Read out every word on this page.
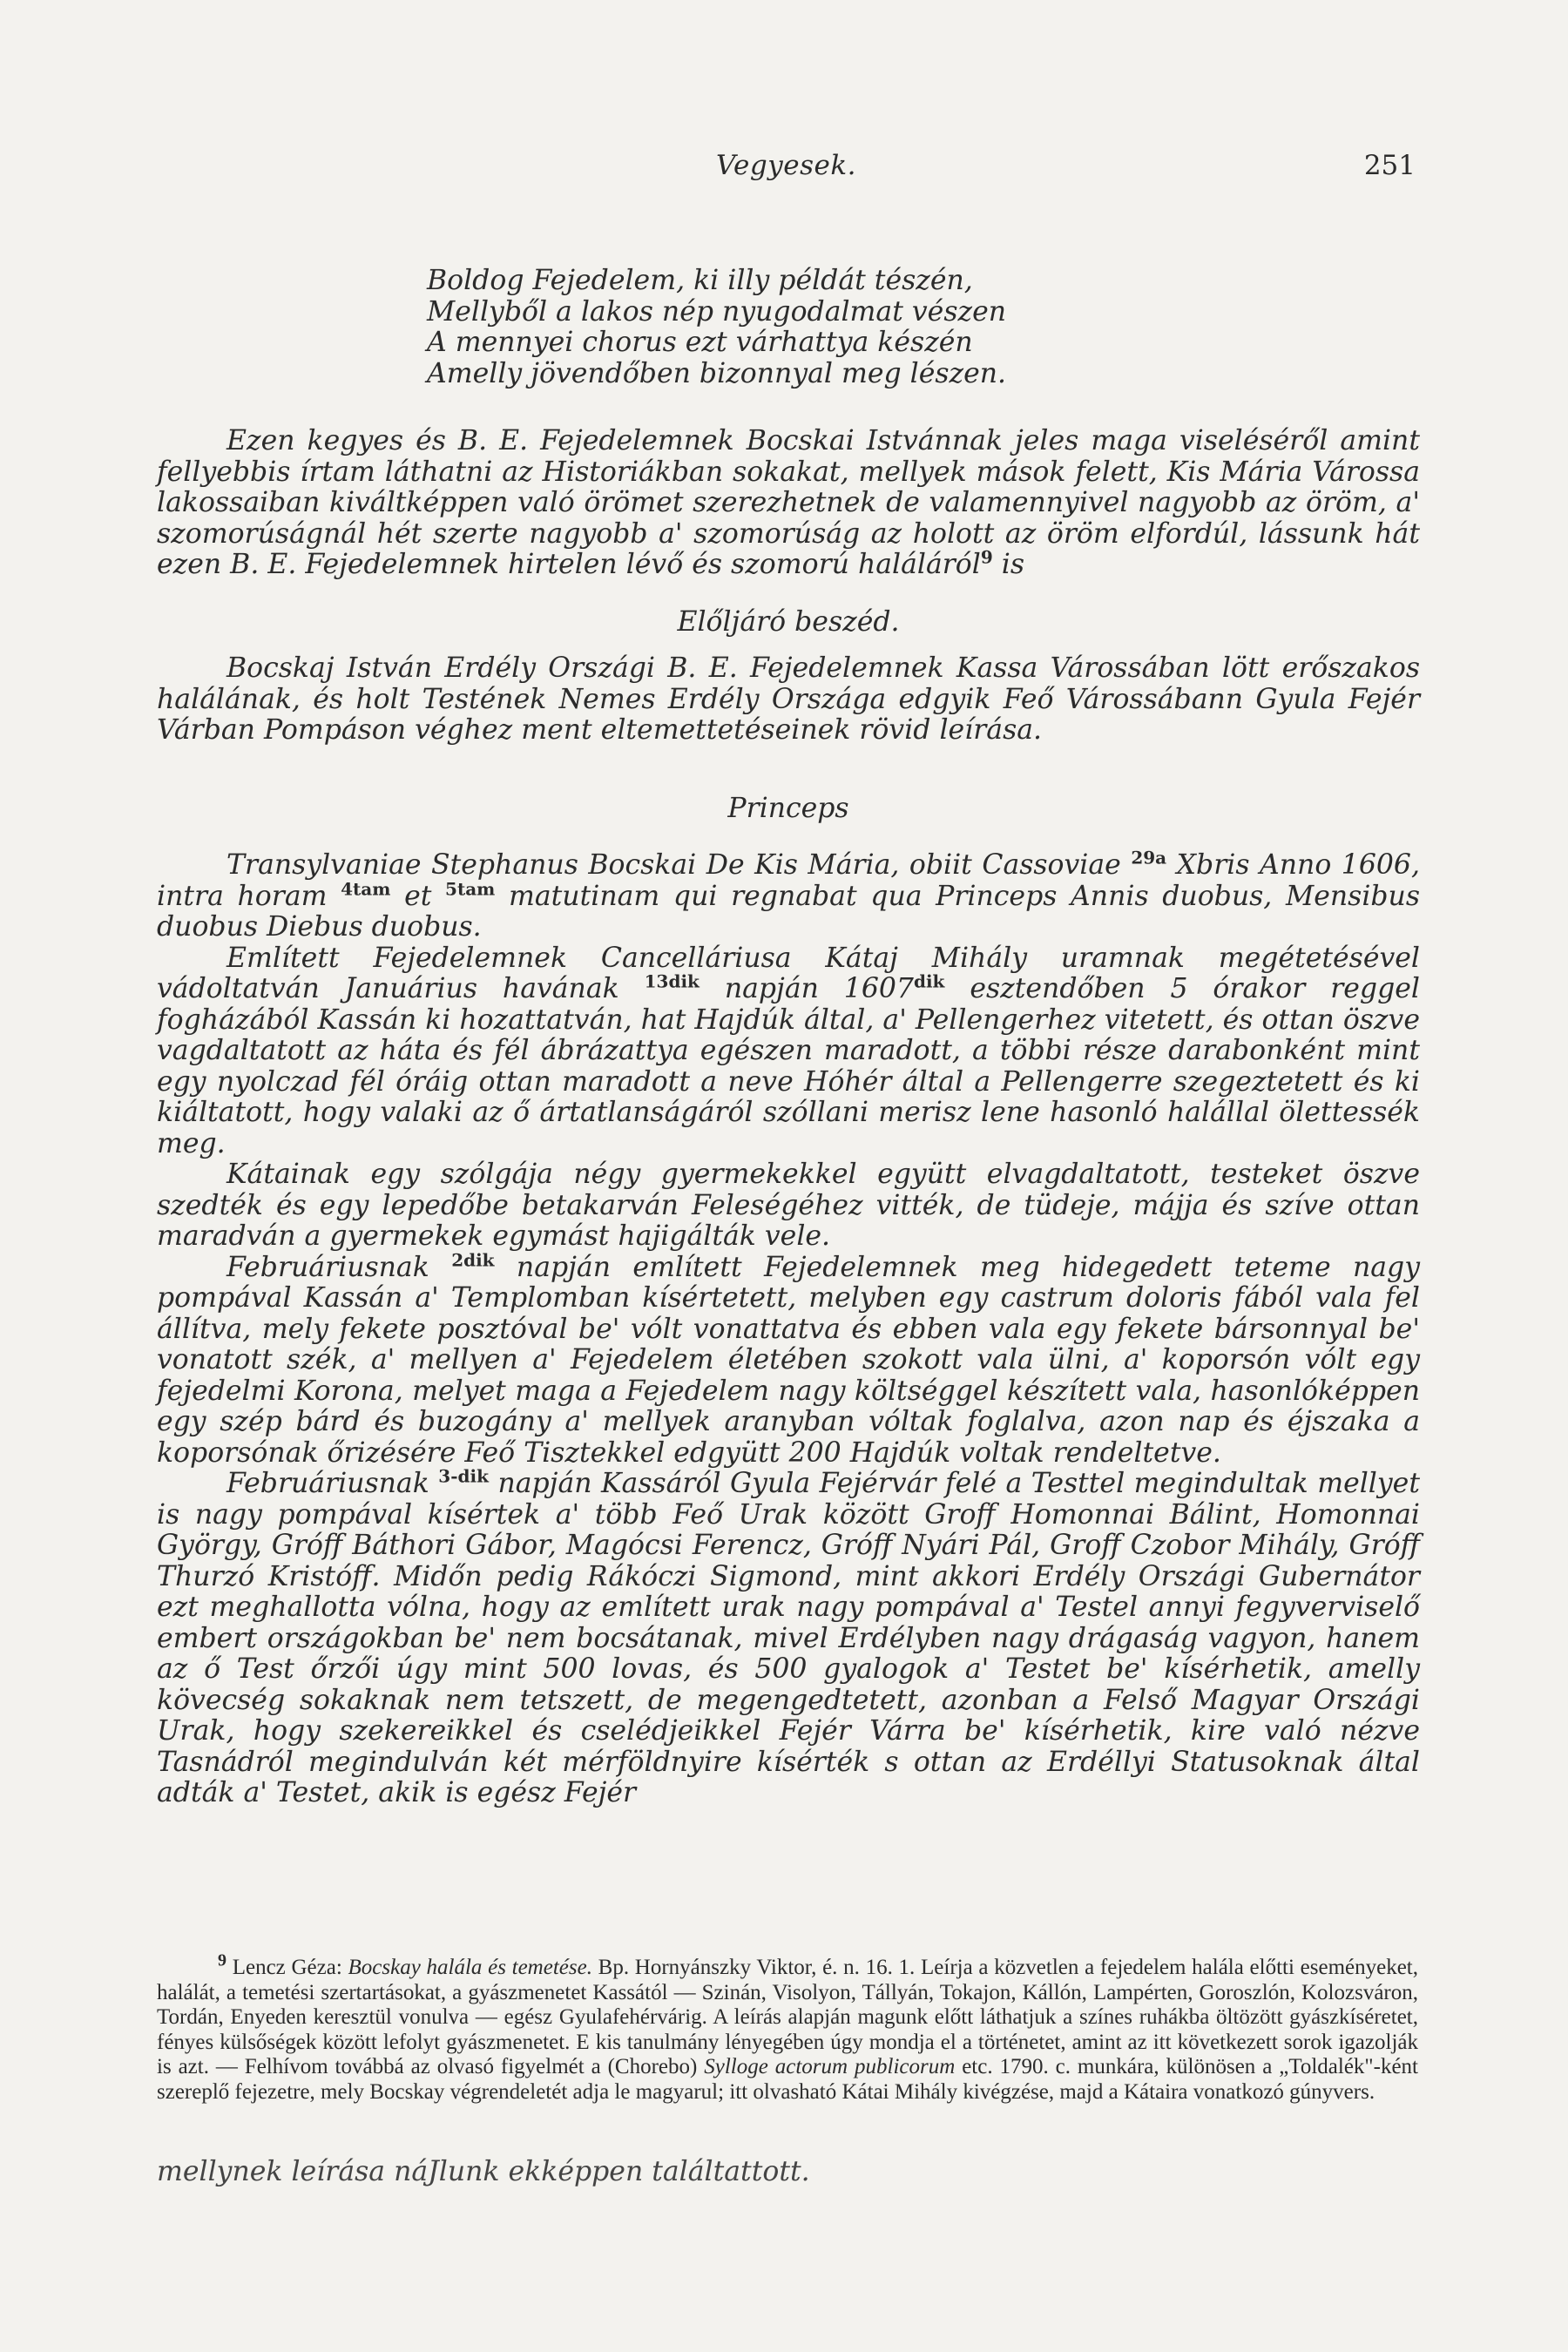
Vegyesek.	251
Boldog Fejedelem, ki illy példát tészén,
Mellyből a lakos nép nyugodalmat vészen
A mennyei chorus ezt várhattya készén
Amelly jövendőben bizonnyal meg lészen.

Ezen kegyes és B. E. Fejedelemnek Bocskai Istvánnak jeles maga viseléséről amint fellyebbis írtam láthatni az Historiákban sokakat, mellyek mások felett, Kis Mária Várossa lakossaiban kiváltképpen való örömet szerezhetnek de valamennyivel nagyobb az öröm, a' szomorúságnál hét szerte nagyobb a' szomorúság az holott az öröm elfordúl, lássunk hát ezen B. E. Fejedelemnek hirtelen lévő és szomorú haláláról$^9$ is

Előljáró beszéd.

Bocskaj István Erdély Országi B. E. Fejedelemnek Kassa Várossában lött erőszakos halálának, és holt Testének Nemes Erdély Országa edgyik Feő Várossábann Gyula Fejér Várban Pompáson véghez ment eltemettetéseinek rövid leírása.

Princeps

Transylvaniae Stephanus Bocskai De Kis Mária, obiit Cassoviae $^{29a}$ Xbris Anno 1606, intra horam $^{4tam}$ et $^{5tam}$ matutinam qui regnabat qua Princeps Annis duobus, Mensibus duobus Diebus duobus.

Említett Fejedelemnek Cancelláriusa Kátaj Mihály uramnak megétetésével vádoltatván Januárius havának $^{13dik}$ napján $1607^{dik}$ esztendőben 5 órakor reggel fogházából Kassán ki hozattatván, hat Hajdúk által, a' Pellengerhez vitetett, és ottan öszve vagdaltatott az háta és fél ábrázattya egészen maradott, a többi része darabonként mint egy nyolczad fél óráig ottan maradott a neve Hóhér által a Pellengerre szegeztetett és ki kiáltatott, hogy valaki az ő ártatlanságáról szóllani merisz lene hasonló halállal ölettessék meg.

Kátainak egy szólgája négy gyermekekkel együtt elvagdaltatott, testeket öszve szedték és egy lepedőbe betakarván Feleségéhez vitték, de tüdeje, májja és szíve ottan maradván a gyermekek egymást hajigálták vele.

Februáriusnak $^{2dik}$ napján említett Fejedelemnek meg hidegedett teteme nagy pompával Kassán a' Templomban kísértetett, melyben egy castrum doloris fából vala fel állítva, mely fekete posztóval be' vólt vonattatva és ebben vala egy fekete bársonnyal be' vonatott szék, a' mellyen a' Fejedelem életében szokott vala ülni, a' koporsón vólt egy fejedelmi Korona, melyet maga a Fejedelem nagy költséggel készített vala, hasonlóképpen egy szép bárd és buzogány a' mellyek aranyban vóltak foglalva, azon nap és éjszaka a koporsónak őrizésére Feő Tisztekkel edgyütt 200 Hajdúk voltak rendeltetve.

Februáriusnak $^{3-dik}$ napján Kassáról Gyula Fejérvár felé a Testtel megindultak mellyet is nagy pompával kísértek a' több Feő Urak között Groff Homonnai Bálint, Homonnai György, Gróff Báthori Gábor, Magócsi Ferencz, Gróff Nyári Pál, Groff Czobor Mihály, Gróff Thurzó Kristóff. Midőn pedig Rákóczi Sigmond, mint akkori Erdély Országi Gubernátor ezt meghallotta vólna, hogy az említett urak nagy pompával a' Testel annyi fegyverviselő embert országokban be' nem bocsátanak, mivel Erdélyben nagy drágaság vagyon, hanem az ő Test őrzői úgy mint 500 lovas, és 500 gyalogok a' Testet be' kísérhetik, amelly kövecség sokaknak nem tetszett, de megengedtetett, azonban a Felső Magyar Országi Urak, hogy szekereikkel és cselédjeikkel Fejér Várra be' kísérhetik, kire való nézve Tasnádról megindulván két mérföldnyire kísérték s ottan az Erdéllyi Statusoknak által adták a' Testet, akik is egész Fejér

$^9$ Lencz Géza: Bocskay halála és temetése. Bp. Hornyánszky Viktor, é. n. 16. 1. Leírja a közvetlen a fejedelem halála előtti eseményeket, halálát, a temetési szertartásokat, a gyászmenetet Kassától — Szinán, Visolyon, Tállyán, Tokajon, Kállón, Lampérten, Goroszlón, Kolozsváron, Tordán, Enyeden keresztül vonulva — egész Gyulafehérvárig. A leírás alapján magunk előtt láthatjuk a színes ruhákba öltözött gyászkíséretet, fényes külsőségek között lefolyt gyászmenetet. E kis tanulmány lényegében úgy mondja el a történetet, amint az itt következett sorok igazolják is azt. — Felhívom továbbá az olvasó figyelmét a (Chorebo) Sylloge actorum publicorum etc. 1790. c. munkára, különösen a „Toldalék"-ként szereplő fejezetre, mely Bocskay végrendeletét adja le magyarul; itt olvasható Kátai Mihály kivégzése, majd a Kátaira vonatkozó gúnyvers.

mellynek leírása náJlunk ekképpen találtattott.
